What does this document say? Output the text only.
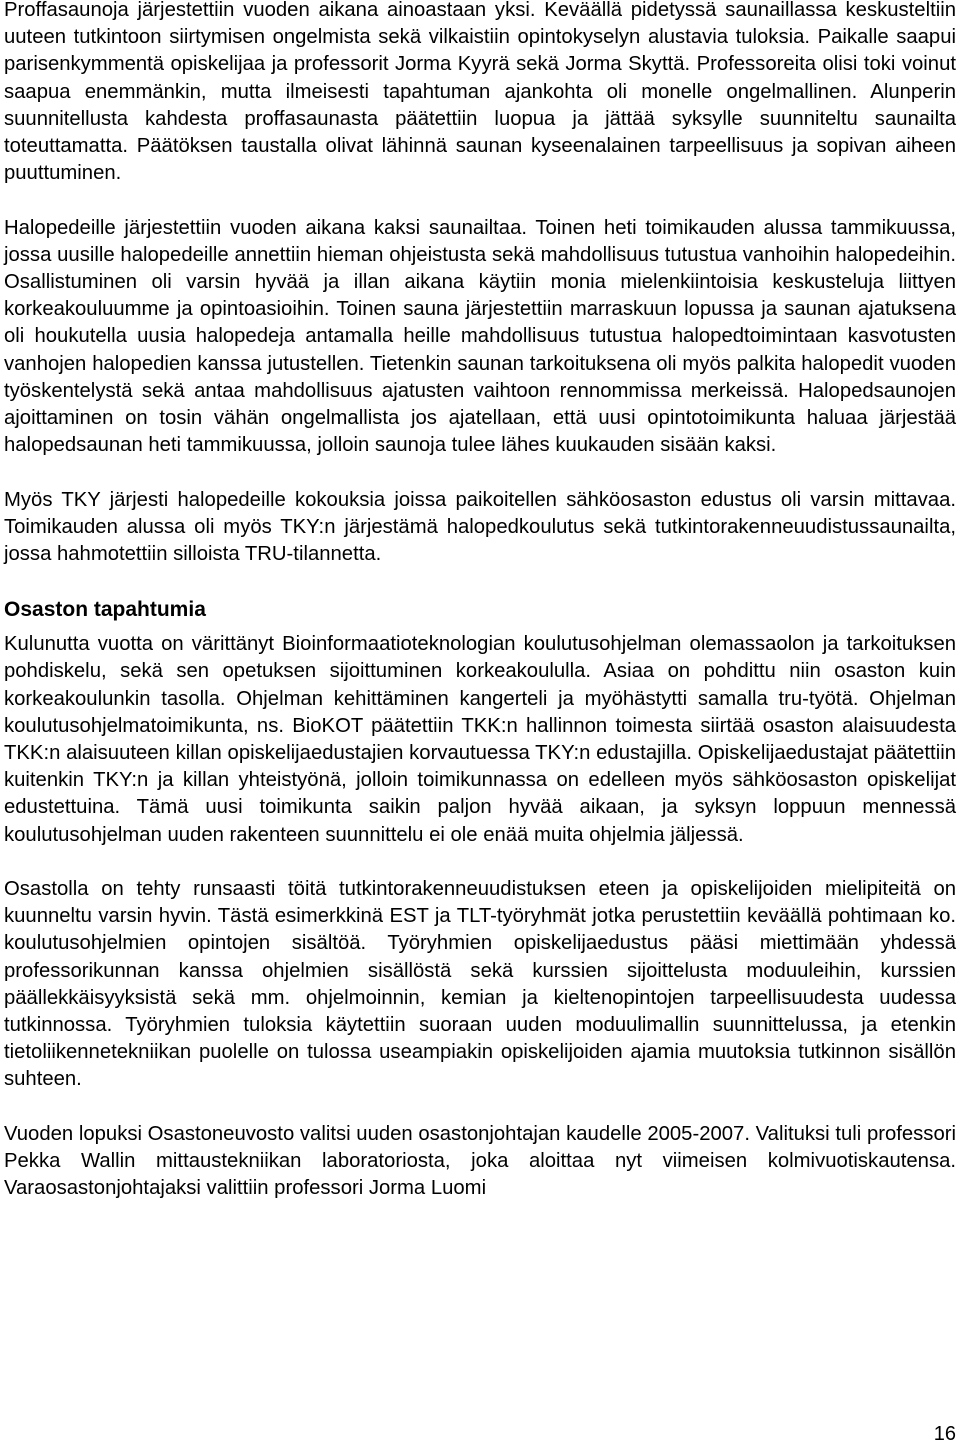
Proffasaunoja järjestettiin vuoden aikana ainoastaan yksi. Keväällä pidetyssä saunaillassa keskusteltiin uuteen tutkintoon siirtymisen ongelmista sekä vilkaistiin opintokyselyn alustavia tuloksia. Paikalle saapui parisenkymmentä opiskelijaa ja professorit Jorma Kyyrä sekä Jorma Skyttä. Professoreita olisi toki voinut saapua enemmänkin, mutta ilmeisesti tapahtuman ajankohta oli monelle ongelmallinen. Alunperin suunnitellusta kahdesta proffasaunasta päätettiin luopua ja jättää syksylle suunniteltu saunailta toteuttamatta. Päätöksen taustalla olivat lähinnä saunan kyseenalainen tarpeellisuus ja sopivan aiheen puuttuminen.

Halopedeille järjestettiin vuoden aikana kaksi saunailtaa. Toinen heti toimikauden alussa tammikuussa, jossa uusille halopedeille annettiin hieman ohjeistusta sekä mahdollisuus tutustua vanhoihin halopedeihin. Osallistuminen oli varsin hyvää ja illan aikana käytiin monia mielenkiintoisia keskusteluja liittyen korkeakouluumme ja opintoasioihin. Toinen sauna järjestettiin marraskuun lopussa ja saunan ajatuksena oli houkutella uusia halopedeja antamalla heille mahdollisuus tutustua halopedtoimintaan kasvotusten vanhojen halopedien kanssa jutustellen. Tietenkin saunan tarkoituksena oli myös palkita halopedit vuoden työskentelystä sekä antaa mahdollisuus ajatusten vaihtoon rennommissa merkeissä. Halopedsaunojen ajoittaminen on tosin vähän ongelmallista jos ajatellaan, että uusi opintotoimikunta haluaa järjestää halopedsaunan heti tammikuussa, jolloin saunoja tulee lähes kuukauden sisään kaksi.

Myös TKY järjesti halopedeille kokouksia joissa paikoitellen sähköosaston edustus oli varsin mittavaa. Toimikauden alussa oli myös TKY:n järjestämä halopedkoulutus sekä tutkintorakenneuudistussaunailta, jossa hahmotettiin silloista TRU-tilannetta.

Osaston tapahtumia

Kulunutta vuotta on värittänyt Bioinformaatioteknologian koulutusohjelman olemassaolon ja tarkoituksen pohdiskelu, sekä sen opetuksen sijoittuminen korkeakoululla. Asiaa on pohdittu niin osaston kuin korkeakoulunkin tasolla. Ohjelman kehittäminen kangerteli ja myöhästytti samalla tru-työtä. Ohjelman koulutusohjelmatoimikunta, ns. BioKOT päätettiin TKK:n hallinnon toimesta siirtää osaston alaisuudesta TKK:n alaisuuteen killan opiskelijaedustajien korvautuessa TKY:n edustajilla. Opiskelijaedustajat päätettiin kuitenkin TKY:n ja killan yhteistyönä, jolloin toimikunnassa on edelleen myös sähköosaston opiskelijat edustettuina. Tämä uusi toimikunta saikin paljon hyvää aikaan, ja syksyn loppuun mennessä koulutusohjelman uuden rakenteen suunnittelu ei ole enää muita ohjelmia jäljessä.

Osastolla on tehty runsaasti töitä tutkintorakenneuudistuksen eteen ja opiskelijoiden mielipiteitä on kuunneltu varsin hyvin. Tästä esimerkkinä EST ja TLT-työryhmät jotka perustettiin keväällä pohtimaan ko. koulutusohjelmien opintojen sisältöä. Työryhmien opiskelijaedustus pääsi miettimään yhdessä professorikunnan kanssa ohjelmien sisällöstä sekä kurssien sijoittelusta moduuleihin, kurssien päällekkäisyyksistä sekä mm. ohjelmoinnin, kemian ja kieltenopintojen tarpeellisuudesta uudessa tutkinnossa. Työryhmien tuloksia käytettiin suoraan uuden moduulimallin suunnittelussa, ja etenkin tietoliikennetekniikan puolelle on tulossa useampiakin opiskelijoiden ajamia muutoksia tutkinnon sisällön suhteen.

Vuoden lopuksi Osastoneuvosto valitsi uuden osastonjohtajan kaudelle 2005-2007. Valituksi tuli professori Pekka Wallin mittaustekniikan laboratoriosta, joka aloittaa nyt viimeisen kolmivuotiskautensa. Varaosastonjohtajaksi valittiin professori Jorma Luomi

16
